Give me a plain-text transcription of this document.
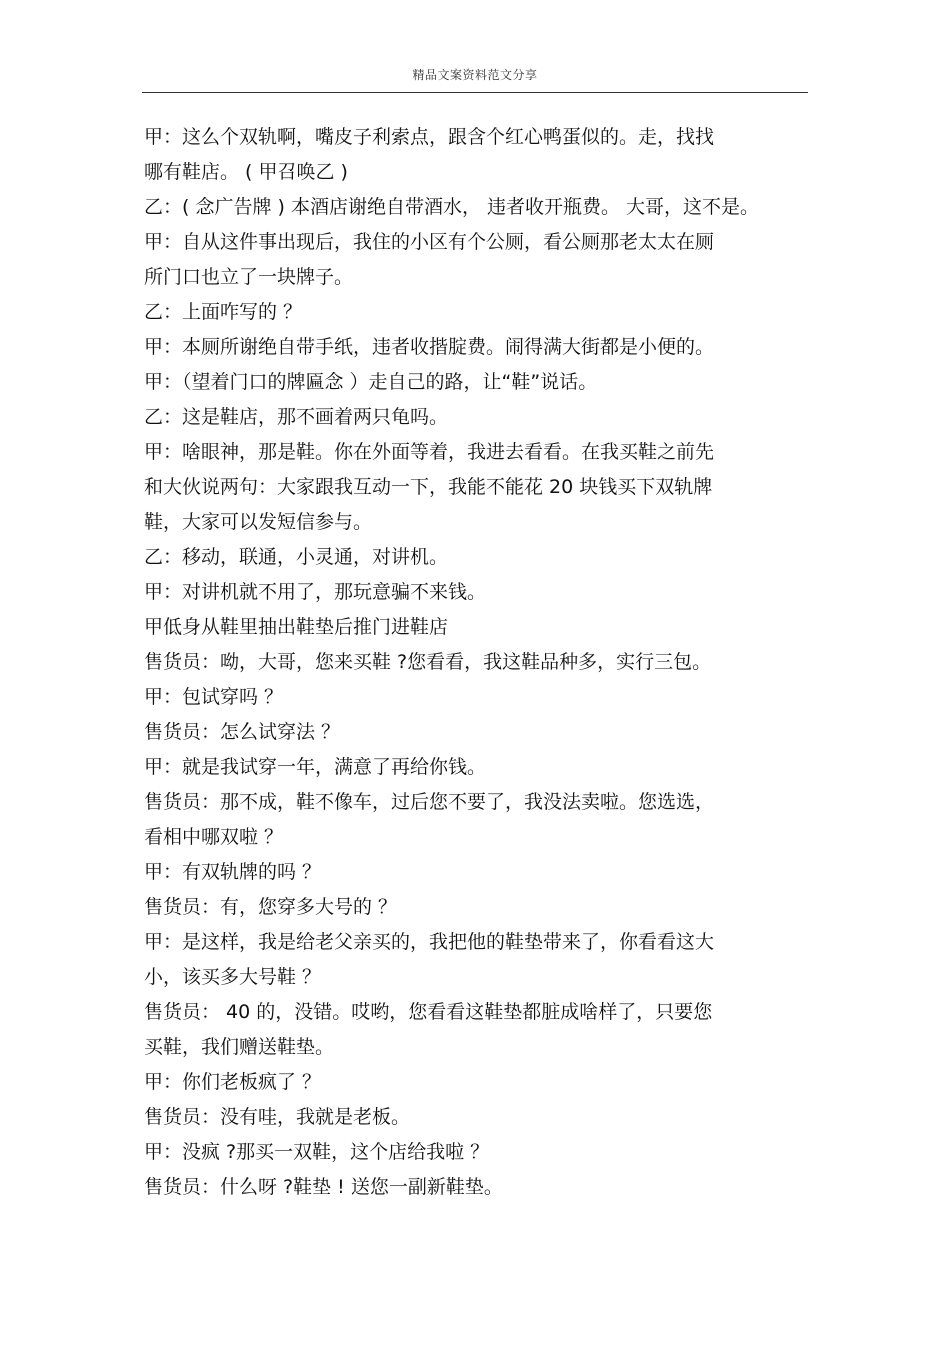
精品文案资料范文分享
甲：这么个双轨啊，嘴皮子利索点，跟含个红心鸭蛋似的。走，找找
哪有鞋店。 ( 甲召唤乙 )
乙：( 念广告牌 ) 本酒店谢绝自带酒水， 违者收开瓶费。 大哥，这不是。
甲：自从这件事出现后，我住的小区有个公厕，看公厕那老太太在厕
所门口也立了一块牌子。
乙：上面咋写的 ？
甲：本厕所谢绝自带手纸，违者收揩腚费。闹得满大街都是小便的。
甲：（望着门口的牌匾念 ）走自己的路，让“鞋”说话。
乙：这是鞋店，那不画着两只龟吗。
甲：啥眼神，那是鞋。你在外面等着，我进去看看。在我买鞋之前先
和大伙说两句：大家跟我互动一下，我能不能花 20 块钱买下双轨牌
鞋，大家可以发短信参与。
乙：移动，联通，小灵通，对讲机。
甲：对讲机就不用了，那玩意骗不来钱。
甲低身从鞋里抽出鞋垫后推门进鞋店
售货员：呦，大哥，您来买鞋 ?您看看，我这鞋品种多，实行三包。
甲：包试穿吗 ？
售货员：怎么试穿法 ？
甲：就是我试穿一年，满意了再给你钱。
售货员：那不成，鞋不像车，过后您不要了，我没法卖啦。您选选，
看相中哪双啦 ？
甲：有双轨牌的吗 ？
售货员：有，您穿多大号的 ？
甲：是这样，我是给老父亲买的，我把他的鞋垫带来了，你看看这大
小，该买多大号鞋 ？
售货员： 40 的，没错。哎哟，您看看这鞋垫都脏成啥样了，只要您
买鞋，我们赠送鞋垫。
甲：你们老板疯了 ？
售货员：没有哇，我就是老板。
甲：没疯 ?那买一双鞋，这个店给我啦 ？
售货员：什么呀 ?鞋垫 ! 送您一副新鞋垫。
